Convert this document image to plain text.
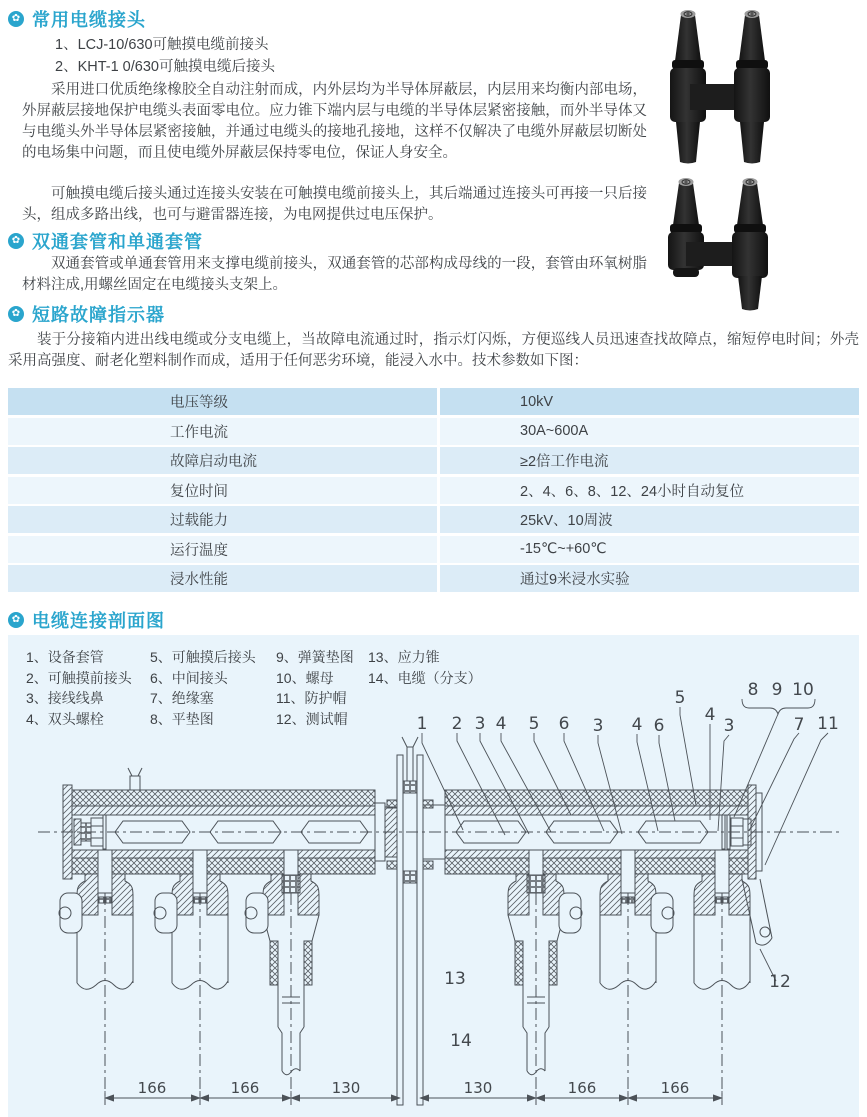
✿ 常用电缆接头

1、LCJ-10/630可触摸电缆前接头

2、KHT-1 0/630可触摸电缆后接头

采用进口优质绝缘橡胶全自动注射而成，内外层均为半导体屏蔽层，内层用来均衡内部电场，外屏蔽层接地保护电缆头表面零电位。应力锥下端内层与电缆的半导体层紧密接触，而外半导体又与电缆头外半导体层紧密接触，并通过电缆头的接地孔接地，这样不仅解决了电缆外屏蔽层切断处的电场集中问题，而且使电缆外屏蔽层保持零电位，保证人身安全。

可触摸电缆后接头通过连接头安装在可触摸电缆前接头上，其后端通过连接头可再接一只后接头，组成多路出线，也可与避雷器连接，为电网提供过电压保护。

✿ 双通套管和单通套管

双通套管或单通套管用来支撑电缆前接头，双通套管的芯部构成母线的一段，套管由环氧树脂材料注成,用螺丝固定在电缆接头支架上。

✿ 短路故障指示器

装于分接箱内进出线电缆或分支电缆上，当故障电流通过时，指示灯闪烁，方便巡线人员迅速查找故障点，缩短停电时间；外壳采用高强度、耐老化塑料制作而成，适用于任何恶劣环境，能浸入水中。技术参数如下图：

电压等级	10kV
工作电流	30A~600A
故障启动电流	≥2倍工作电流
复位时间	2、4、6、8、12、24小时自动复位
过载能力	25kV、10周波
运行温度	-15℃~+60℃
浸水性能	通过9米浸水实验
✿ 电缆连接剖面图
1、设备套管
2、可触摸前接头
3、接线线鼻
4、双头螺栓
5、可触摸后接头
6、中间接头
7、绝缘塞
8、平垫图
9、弹簧垫图
10、螺母
11、防护帽
12、测试帽
13、应力锥
14、电缆（分支）
1 2 3 4 5 6 3 4 6
5
4
3
8 9 10
7 11
12
13
14
166	166	130	130	166	166
